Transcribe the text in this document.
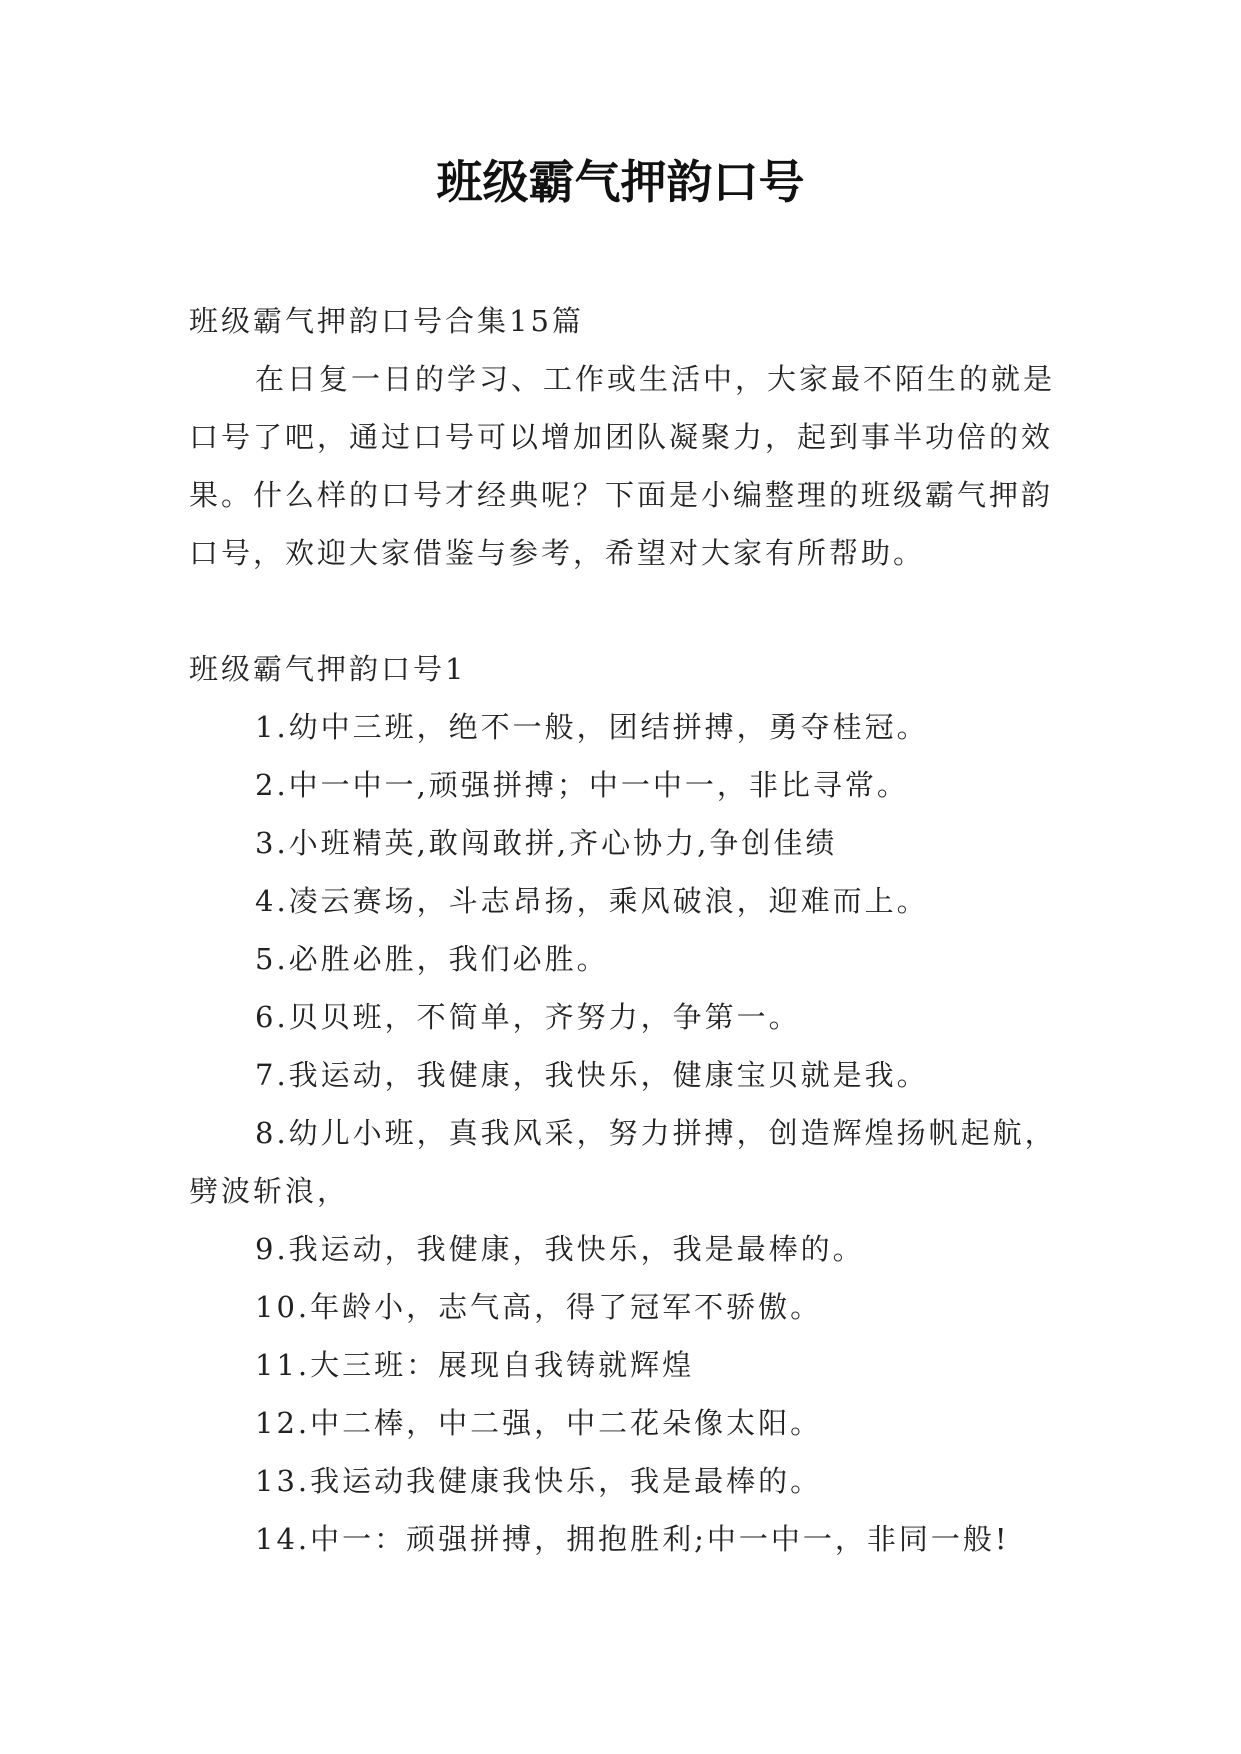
班级霸气押韵口号

班级霸气押韵口号合集15篇

在日复一日的学习、工作或生活中，大家最不陌生的就是口号了吧，通过口号可以增加团队凝聚力，起到事半功倍的效果。什么样的口号才经典呢？下面是小编整理的班级霸气押韵口号，欢迎大家借鉴与参考，希望对大家有所帮助。

班级霸气押韵口号1

1.幼中三班，绝不一般，团结拼搏，勇夺桂冠。

2.中一中一,顽强拼搏；中一中一，非比寻常。

3.小班精英,敢闯敢拼,齐心协力,争创佳绩

4.凌云赛场，斗志昂扬，乘风破浪，迎难而上。

5.必胜必胜，我们必胜。

6.贝贝班，不简单，齐努力，争第一。

7.我运动，我健康，我快乐，健康宝贝就是我。

8.幼儿小班，真我风采，努力拼搏，创造辉煌扬帆起航，劈波斩浪，

9.我运动，我健康，我快乐，我是最棒的。

10.年龄小，志气高，得了冠军不骄傲。

11.大三班：展现自我铸就辉煌

12.中二棒，中二强，中二花朵像太阳。

13.我运动我健康我快乐，我是最棒的。

14.中一：顽强拼搏，拥抱胜利;中一中一，非同一般!
